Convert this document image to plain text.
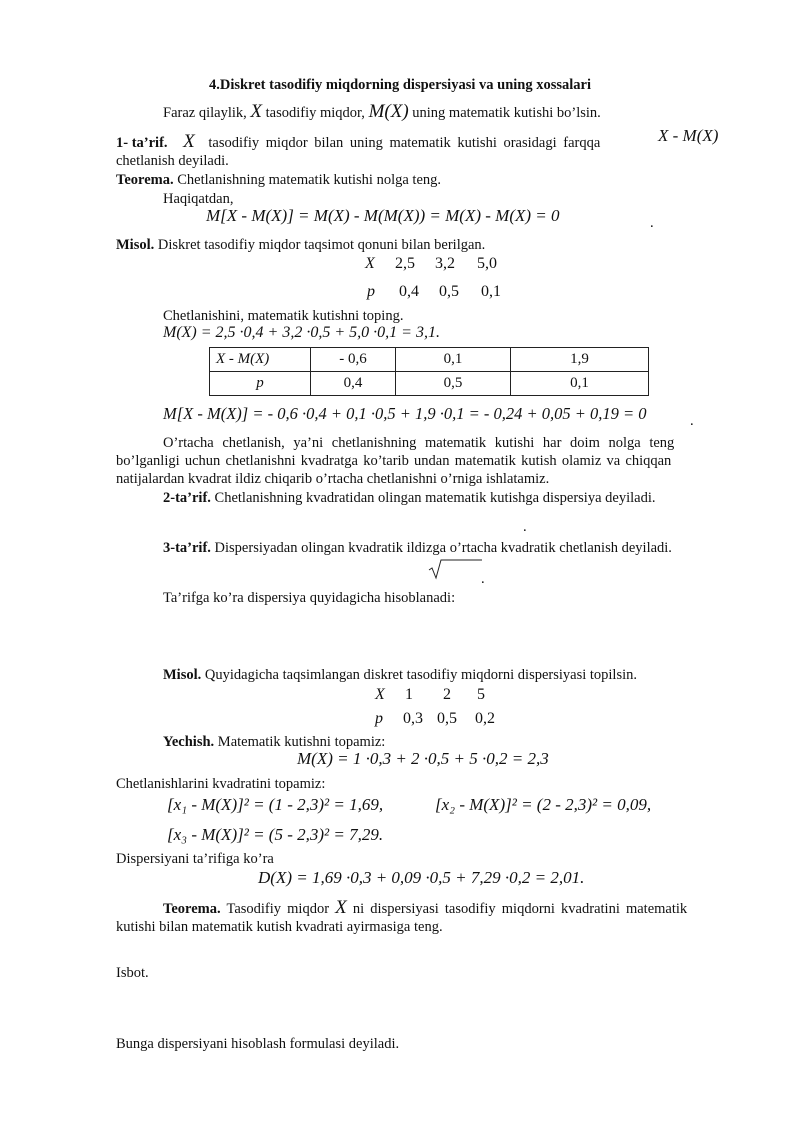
4.Diskret tasodifiy miqdorning dispersiyasi va uning xossalari
Faraz qilaylik, X tasodifiy miqdor, M(X) uning matematik kutishi bo’lsin.
1- ta’rif. X tasodifiy miqdor bilan uning matematik kutishi orasidagi farqqa	X - M(X)
chetlanish deyiladi.
Teorema. Chetlanishning matematik kutishi nolga teng.
Haqiqatdan,
M[X - M(X)] = M(X) - M(M(X)) = M(X) - M(X) = 0	.
Misol. Diskret tasodifiy miqdor taqsimot qonuni bilan berilgan.
X 2,5 3,2 5,0
p 0,4 0,5 0,1
Chetlanishini, matematik kutishni toping.
M(X) = 2,5 ·0,4 + 3,2 ·0,5 + 5,0 ·0,1 = 3,1.
X - M(X)	- 0,6	0,1	1,9
p	0,4	0,5	0,1
M[X - M(X)] = - 0,6 ·0,4 + 0,1 ·0,5 + 1,9 ·0,1 = - 0,24 + 0,05 + 0,19 = 0	.
O’rtacha chetlanish, ya’ni chetlanishning matematik kutishi har doim nolga teng
bo’lganligi uchun chetlanishni kvadratga ko’tarib undan matematik kutish olamiz va chiqqan
natijalardan kvadrat ildiz chiqarib o’rtacha chetlanishni o’rniga ishlatamiz.
2-ta’rif. Chetlanishning kvadratidan olingan matematik kutishga dispersiya deyiladi.
.
3-ta’rif. Dispersiyadan olingan kvadratik ildizga o’rtacha kvadratik chetlanish deyiladi.
.
Ta’rifga ko’ra dispersiya quyidagicha hisoblanadi:
Misol. Quyidagicha taqsimlangan diskret tasodifiy miqdorni dispersiyasi topilsin.
X 1 2 5
p 0,3 0,5 0,2
Yechish. Matematik kutishni topamiz:
M(X) = 1 ·0,3 + 2 ·0,5 + 5 ·0,2 = 2,3
Chetlanishlarini kvadratini topamiz:
[x₁ - M(X)]² = (1 - 2,3)² = 1,69,	[x₂ - M(X)]² = (2 - 2,3)² = 0,09,
[x₃ - M(X)]² = (5 - 2,3)² = 7,29.
Dispersiyani ta’rifiga ko’ra
D(X) = 1,69 ·0,3 + 0,09 ·0,5 + 7,29 ·0,2 = 2,01.
Teorema. Tasodifiy miqdor X ni dispersiyasi tasodifiy miqdorni kvadratini matematik
kutishi bilan matematik kutish kvadrati ayirmasiga teng.
Isbot.
Bunga dispersiyani hisoblash formulasi deyiladi.
